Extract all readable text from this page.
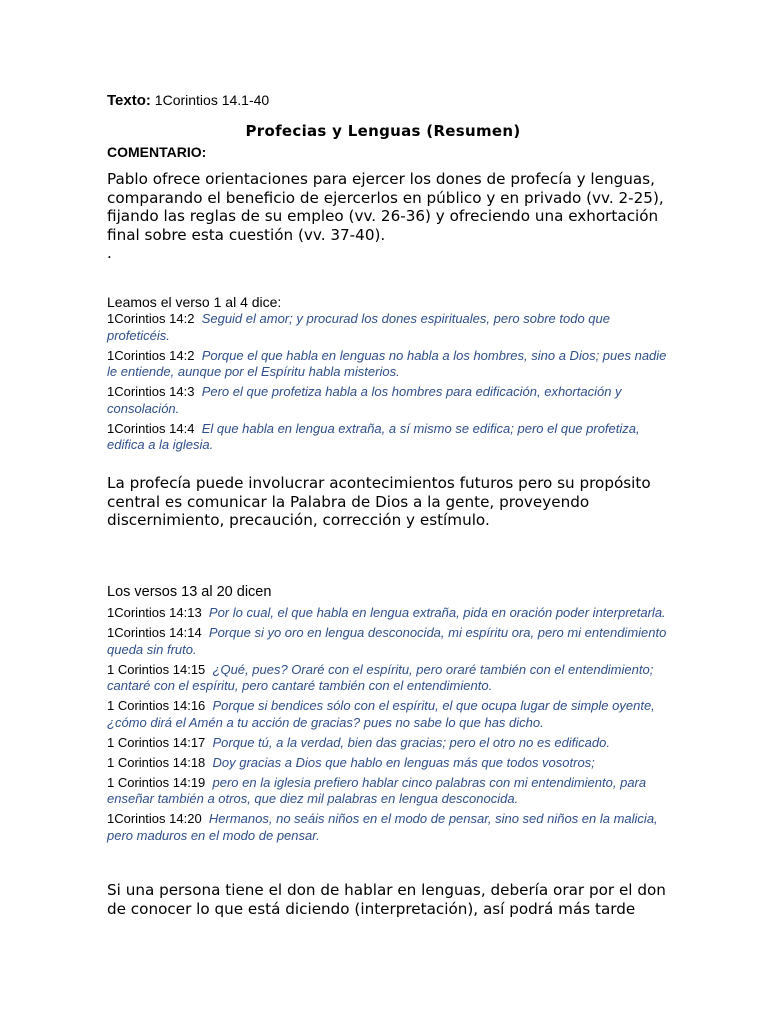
Texto: 1Corintios 14.1-40
Profecias y Lenguas (Resumen)
COMENTARIO:
Pablo ofrece orientaciones para ejercer los dones de profecía y lenguas, comparando el beneficio de ejercerlos en público y en privado (vv. 2-25), fijando las reglas de su empleo (vv. 26-36) y ofreciendo una exhortación final sobre esta cuestión (vv. 37-40).
.
Leamos el verso 1 al 4 dice:
1Corintios 14:2 Seguid el amor; y procurad los dones espirituales, pero sobre todo que profeticéis.
1Corintios 14:2 Porque el que habla en lenguas no habla a los hombres, sino a Dios; pues nadie le entiende, aunque por el Espíritu habla misterios.
1Corintios 14:3 Pero el que profetiza habla a los hombres para edificación, exhortación y consolación.
1Corintios 14:4 El que habla en lengua extraña, a sí mismo se edifica; pero el que profetiza, edifica a la iglesia.
La profecía puede involucrar acontecimientos futuros pero su propósito central es comunicar la Palabra de Dios a la gente, proveyendo discernimiento, precaución, corrección y estímulo.
Los versos 13 al 20 dicen
1Corintios 14:13 Por lo cual, el que habla en lengua extraña, pida en oración poder interpretarla.
1Corintios 14:14 Porque si yo oro en lengua desconocida, mi espíritu ora, pero mi entendimiento queda sin fruto.
1 Corintios 14:15 ¿Qué, pues? Oraré con el espíritu, pero oraré también con el entendimiento; cantaré con el espíritu, pero cantaré también con el entendimiento.
1 Corintios 14:16 Porque si bendices sólo con el espíritu, el que ocupa lugar de simple oyente, ¿cómo dirá el Amén a tu acción de gracias? pues no sabe lo que has dicho.
1 Corintios 14:17 Porque tú, a la verdad, bien das gracias; pero el otro no es edificado.
1 Corintios 14:18 Doy gracias a Dios que hablo en lenguas más que todos vosotros;
1 Corintios 14:19 pero en la iglesia prefiero hablar cinco palabras con mi entendimiento, para enseñar también a otros, que diez mil palabras en lengua desconocida.
1Corintios 14:20 Hermanos, no seáis niños en el modo de pensar, sino sed niños en la malicia, pero maduros en el modo de pensar.
Si una persona tiene el don de hablar en lenguas, debería orar por el don de conocer lo que está diciendo (interpretación), así podrá más tarde
